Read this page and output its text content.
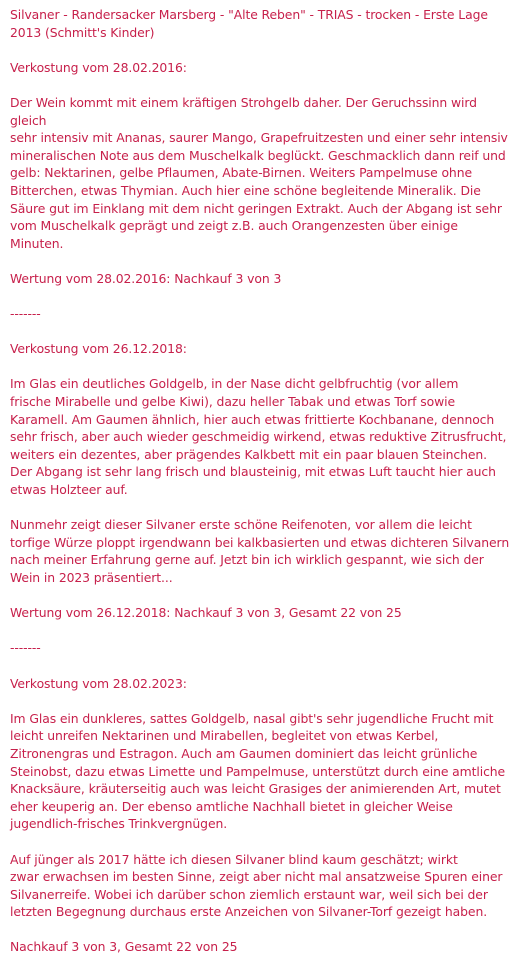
Silvaner - Randersacker Marsberg - "Alte Reben" - TRIAS - trocken - Erste Lage
2013 (Schmitt's Kinder)

Verkostung vom 28.02.2016:

Der Wein kommt mit einem kräftigen Strohgelb daher. Der Geruchssinn wird gleich
sehr intensiv mit Ananas, saurer Mango, Grapefruitzesten und einer sehr intensiv
mineralischen Note aus dem Muschelkalk beglückt. Geschmacklich dann reif und
gelb: Nektarinen, gelbe Pflaumen, Abate-Birnen. Weiters Pampelmuse ohne
Bitterchen, etwas Thymian. Auch hier eine schöne begleitende Mineralik. Die
Säure gut im Einklang mit dem nicht geringen Extrakt. Auch der Abgang ist sehr
vom Muschelkalk geprägt und zeigt z.B. auch Orangenzesten über einige Minuten.

Wertung vom 28.02.2016: Nachkauf 3 von 3

-------

Verkostung vom 26.12.2018:

Im Glas ein deutliches Goldgelb, in der Nase dicht gelbfruchtig (vor allem
frische Mirabelle und gelbe Kiwi), dazu heller Tabak und etwas Torf sowie
Karamell. Am Gaumen ähnlich, hier auch etwas frittierte Kochbanane, dennoch
sehr frisch, aber auch wieder geschmeidig wirkend, etwas reduktive Zitrusfrucht,
weiters ein dezentes, aber prägendes Kalkbett mit ein paar blauen Steinchen.
Der Abgang ist sehr lang frisch und blausteinig, mit etwas Luft taucht hier auch
etwas Holzteer auf.

Nunmehr zeigt dieser Silvaner erste schöne Reifenoten, vor allem die leicht
torfige Würze ploppt irgendwann bei kalkbasierten und etwas dichteren Silvanern
nach meiner Erfahrung gerne auf. Jetzt bin ich wirklich gespannt, wie sich der
Wein in 2023 präsentiert...

Wertung vom 26.12.2018: Nachkauf 3 von 3, Gesamt 22 von 25

-------

Verkostung vom 28.02.2023:

Im Glas ein dunkleres, sattes Goldgelb, nasal gibt's sehr jugendliche Frucht mit
leicht unreifen Nektarinen und Mirabellen, begleitet von etwas Kerbel,
Zitronengras und Estragon. Auch am Gaumen dominiert das leicht grünliche
Steinobst, dazu etwas Limette und Pampelmuse, unterstützt durch eine amtliche
Knacksäure, kräuterseitig auch was leicht Grasiges der animierenden Art, mutet
eher keuperig an. Der ebenso amtliche Nachhall bietet in gleicher Weise
jugendlich-frisches Trinkvergnügen.

Auf jünger als 2017 hätte ich diesen Silvaner blind kaum geschätzt; wirkt
zwar erwachsen im besten Sinne, zeigt aber nicht mal ansatzweise Spuren einer
Silvanerreife. Wobei ich darüber schon ziemlich erstaunt war, weil sich bei der
letzten Begegnung durchaus erste Anzeichen von Silvaner-Torf gezeigt haben.

Nachkauf 3 von 3, Gesamt 22 von 25
